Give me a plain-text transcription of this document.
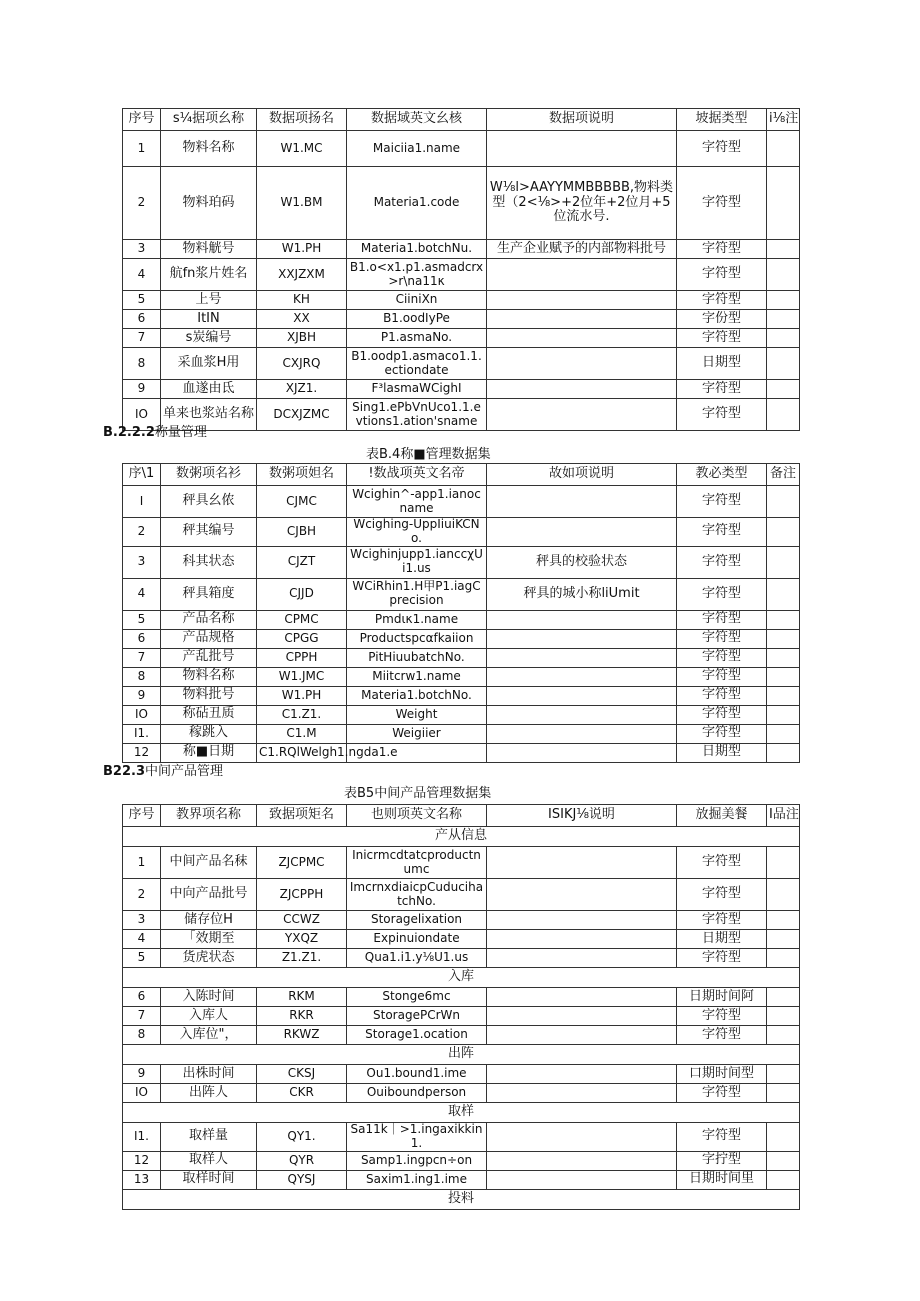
序号	s¼据项幺称	数据项扬名	数据域英文幺核	数据项说明	坡据类型	i⅛注
1	物料名称	W1.MC	Maiciia1.name		字符型	
2	物料珀码	W1.BM	Materia1.code	W⅛l>AAYYMMBBBBB,物料类型（2<⅛>+2位年+2位月+5位流水号.	字符型	
3	物料觥号	W1.PH	Materia1.botchNu.	生产企业赋予的内部物料批号	字符型	
4	航fn浆片姓名	XXJZXM	B1.o<x1.p1.asmadcrx>r\na11κ		字符型	
5	上号	KH	CiiniXn		字符型	
6	ItIN	XX	B1.oodIyPe		字份型	
7	s炭编号	XJBH	P1.asmaNo.		字符型	
8	采血浆H用	CXJRQ	B1.oodp1.asmaco1.1.ectiondate		日期型	
9	血遂由氐	XJZ1.	F³lasmaWCighI		字符型	
IO	单来也浆站名称	DCXJZMC	Sing1.ePbVnUco1.1.evtions1.ation'sname		字符型	
B.2.2.2称量管理
表B.4称■管理数据集
序\1	数粥项名衫	数粥项妲名	!数战项英文名帝	故如项说明	教必类型	备注
I	秤具幺侬	CJMC	Wcighin^-app1.ianocname		字符型	
2	秤其编号	CJBH	Wcighing-UppIiuiKCNo.		字符型	
3	科其状态	CJZT	Wcighinjupp1.ianccχUi1.us	秤具的校验状态	字符型	
4	秤具箱度	CJJD	WCiRhin1.H甲P1.iagCprecision	秤具的城小称liUmit	字符型	
5	产品名称	CPMC	Pmdικ1.name		字符型	
6	产品规格	CPGG	Productspcαfkaiion		字符型	
7	产乱批号	CPPH	PitHiuubatchNo.		字符型	
8	物料名称	W1.JMC	Miitcrw1.name		字符型	
9	物料批号	W1.PH	Materia1.botchNo.		字符型	
IO	称砧丑质	C1.Z1.	Weight		字符型	
I1.	稼跳入	C1.M	Weigiier		字符型	
12	称■日期	C1.RQlWelgh1.ngda1.e			日期型	
B22.3中间产品管理
表B5中间产品管理数据集
序号	教界项名称	致据项矩名	也则项英文名称	ISIKJ⅛说明	放掘美餐	I品注
产从信息						
1	中间产品名秣	ZJCPMC	Inicrmcdtatcproductnumc		字符型	
2	中向产品批号	ZJCPPH	ImcrnxdiaicpCuducihatchNo.		字符型	
3	储存位H	CCWZ	Storagelixation		字符型	
4	「效期至	YXQZ	Expinuiondate		日期型	
5	货虎状态	Z1.Z1.	Qua1.i1.y⅛U1.us		字符型	
入库						
6	入陈时间	RKM	Stonge6mc		日期时间阿	
7	入库人	RKR	StoragePCrWn		字符型	
8	入库位"，	RKWZ	Storage1.ocation		字符型	
出阵						
9	出株时间	CKSJ	Ou1.bound1.ime		口期时间型	
IO	出阵人	CKR	Ouiboundperson		字符型	
取样						
I1.	取样量	QY1.	Sa11k｜>1.ingaxikkin1.		字符型	
12	取样人	QYR	Samp1.ingpcn÷on		字拧型	
13	取样时间	QYSJ	Saxim1.ing1.ime		日期时间里	
投料						
